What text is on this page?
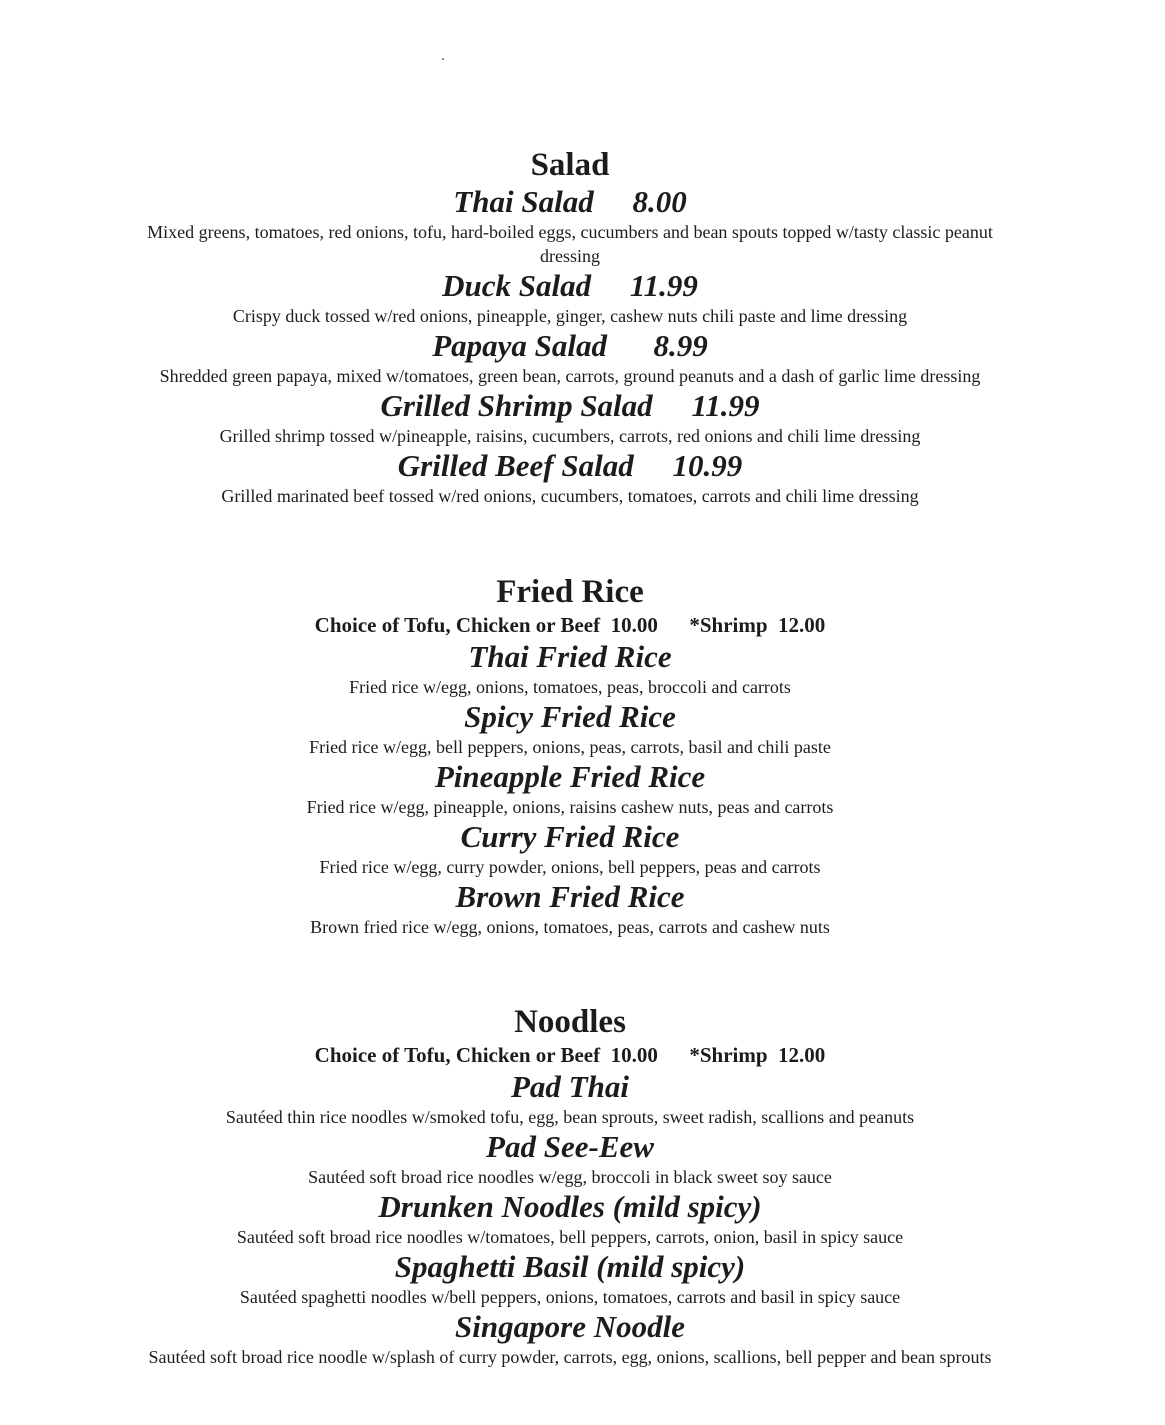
Salad
Thai Salad 8.00

Mixed greens, tomatoes, red onions, tofu, hard-boiled eggs, cucumbers and bean spouts topped w/tasty classic peanut dressing

Duck Salad 11.99

Crispy duck tossed w/red onions, pineapple, ginger, cashew nuts chili paste and lime dressing

Papaya Salad 8.99

Shredded green papaya, mixed w/tomatoes, green bean, carrots, ground peanuts and a dash of garlic lime dressing

Grilled Shrimp Salad 11.99

Grilled shrimp tossed w/pineapple, raisins, cucumbers, carrots, red onions and chili lime dressing

Grilled Beef Salad 10.99

Grilled marinated beef tossed w/red onions, cucumbers, tomatoes, carrots and chili lime dressing

Fried Rice

Choice of Tofu, Chicken or Beef  10.00      *Shrimp  12.00

Thai Fried Rice

Fried rice w/egg, onions, tomatoes, peas, broccoli and carrots

Spicy Fried Rice

Fried rice w/egg, bell peppers, onions, peas, carrots, basil and chili paste

Pineapple Fried Rice

Fried rice w/egg, pineapple, onions, raisins cashew nuts, peas and carrots

Curry Fried Rice

Fried rice w/egg, curry powder, onions, bell peppers, peas and carrots

Brown Fried Rice

Brown fried rice w/egg, onions, tomatoes, peas, carrots and cashew nuts

Noodles

Choice of Tofu, Chicken or Beef  10.00      *Shrimp  12.00

Pad Thai

Sautéed thin rice noodles w/smoked tofu, egg, bean sprouts, sweet radish, scallions and peanuts

Pad See-Eew

Sautéed soft broad rice noodles w/egg, broccoli in black sweet soy sauce

Drunken Noodles (mild spicy)

Sautéed soft broad rice noodles w/tomatoes, bell peppers, carrots, onion, basil in spicy sauce

Spaghetti Basil (mild spicy)

Sautéed spaghetti noodles w/bell peppers, onions, tomatoes, carrots and basil in spicy sauce

Singapore Noodle

Sautéed soft broad rice noodle w/splash of curry powder, carrots, egg, onions, scallions, bell pepper and bean sprouts
